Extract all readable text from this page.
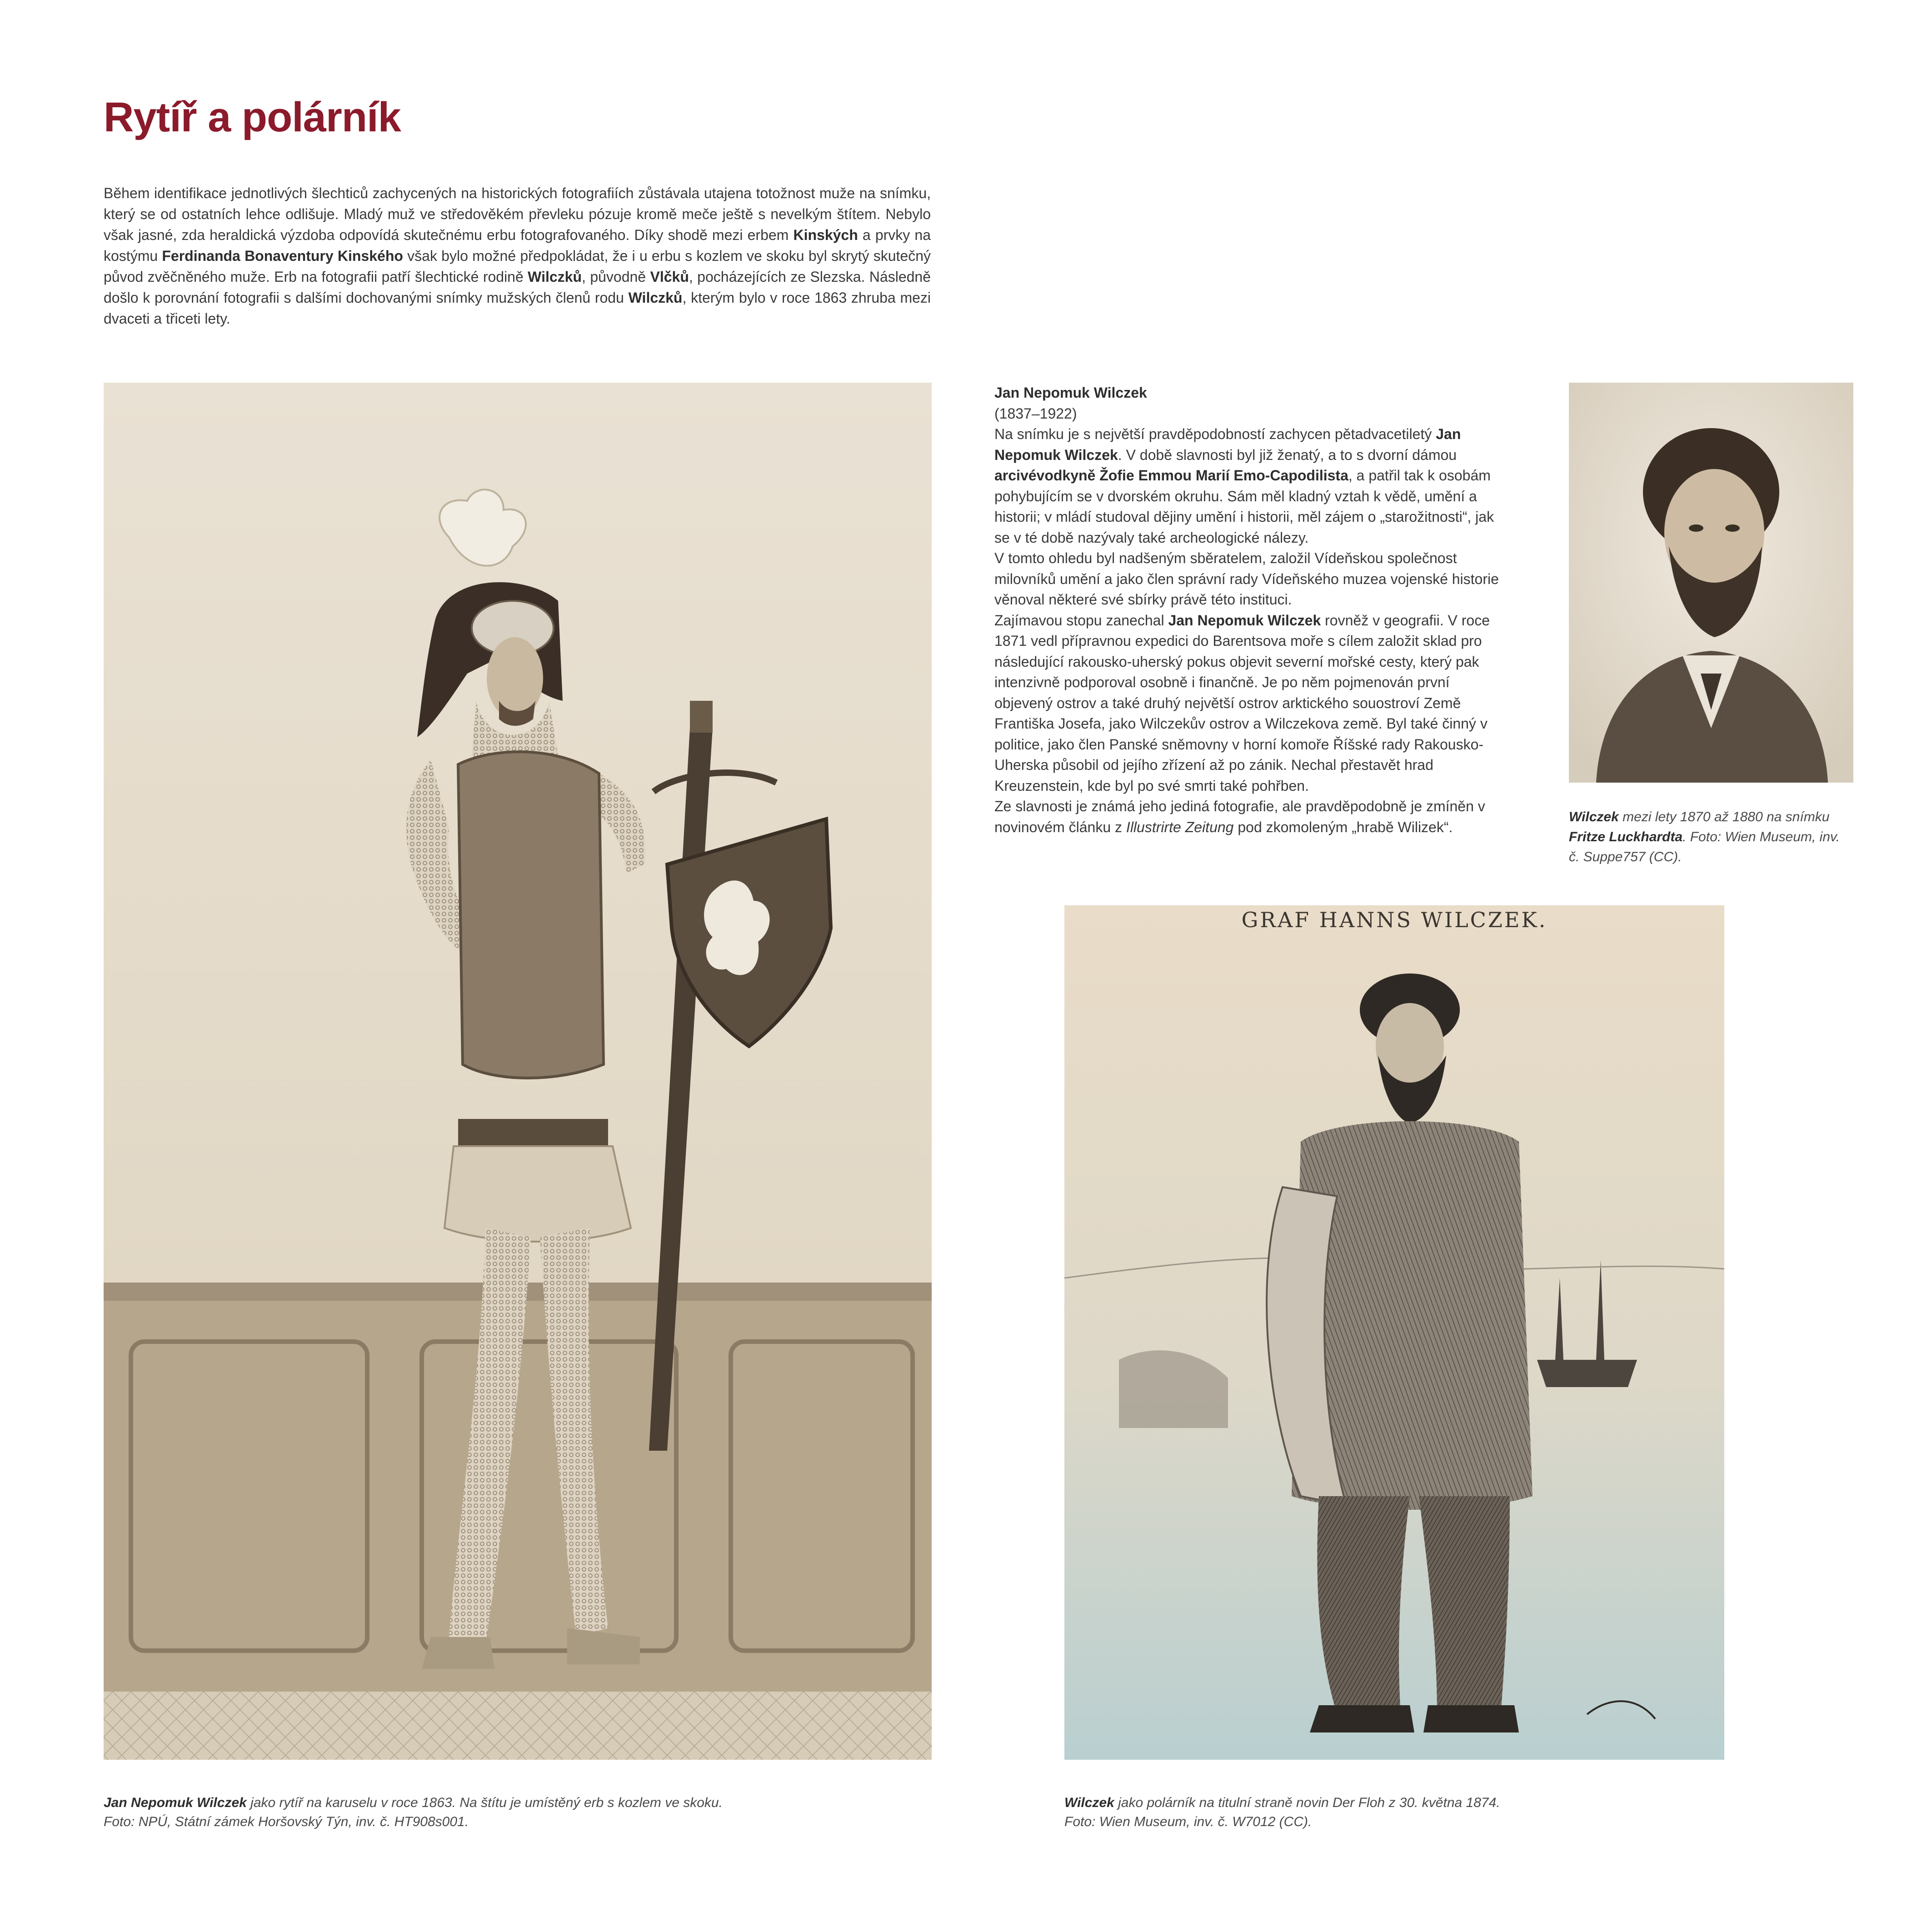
Rytíř a polárník

Během identifikace jednotlivých šlechticů zachycených na historických fotografiích zůstávala utajena totožnost muže na snímku, který se od ostatních lehce odlišuje. Mladý muž ve středověkém převleku pózuje kromě meče ještě s nevelkým štítem. Nebylo však jasné, zda heraldická výzdoba odpovídá skutečnému erbu fotografovaného. Díky shodě mezi erbem Kinských a prvky na kostýmu Ferdinanda Bonaventury Kinského však bylo možné předpokládat, že i u erbu s kozlem ve skoku byl skrytý skutečný původ zvěčněného muže. Erb na fotografii patří šlechtické rodině Wilczků, původně Vlčků, pocházejících ze Slezska. Následně došlo k porovnání fotografii s dalšími dochovanými snímky mužských členů rodu Wilczků, kterým bylo v roce 1863 zhruba mezi dvaceti a třiceti lety.

Jan Nepomuk Wilczek
(1837–1922)

Na snímku je s největší pravděpodobností zachycen pětadvacetiletý Jan Nepomuk Wilczek. V době slavnosti byl již ženatý, a to s dvorní dámou arcivévodkyně Žofie Emmou Marií Emo-Capodilista, a patřil tak k osobám pohybujícím se v dvorském okruhu. Sám měl kladný vztah k vědě, umění a historii; v mládí studoval dějiny umění i historii, měl zájem o „starožitnosti“, jak se v té době nazývaly také archeologické nálezy.

V tomto ohledu byl nadšeným sběratelem, založil Vídeňskou společnost milovníků umění a jako člen správní rady Vídeňského muzea vojenské historie věnoval některé své sbírky právě této instituci.

Zajímavou stopu zanechal Jan Nepomuk Wilczek rovněž v geografii. V roce 1871 vedl přípravnou expedici do Barentsova moře s cílem založit sklad pro následující rakousko-uherský pokus objevit severní mořské cesty, který pak intenzivně podporoval osobně i finančně. Je po něm pojmenován první objevený ostrov a také druhý největší ostrov arktického souostroví Země Františka Josefa, jako Wilczekův ostrov a Wilczekova země. Byl také činný v politice, jako člen Panské sněmovny v horní komoře Říšské rady Rakousko-Uherska působil od jejího zřízení až po zánik. Nechal přestavět hrad Kreuzenstein, kde byl po své smrti také pohřben.

Ze slavnosti je známá jeho jediná fotografie, ale pravděpodobně je zmíněn v novinovém článku z Illustrirte Zeitung pod zkomoleným „hrabě Wilizek“.

Wilczek mezi lety 1870 až 1880 na snímku Fritze Luckhardta. Foto: Wien Museum, inv. č. Suppe757 (CC).

GRAF HANNS WILCZEK.

Jan Nepomuk Wilczek jako rytíř na karuselu v roce 1863. Na štítu je umístěný erb s kozlem ve skoku.
Foto: NPÚ, Státní zámek Horšovský Týn, inv. č. HT908s001.

Wilczek jako polárník na titulní straně novin Der Floh z 30. května 1874.
Foto: Wien Museum, inv. č. W7012 (CC).
